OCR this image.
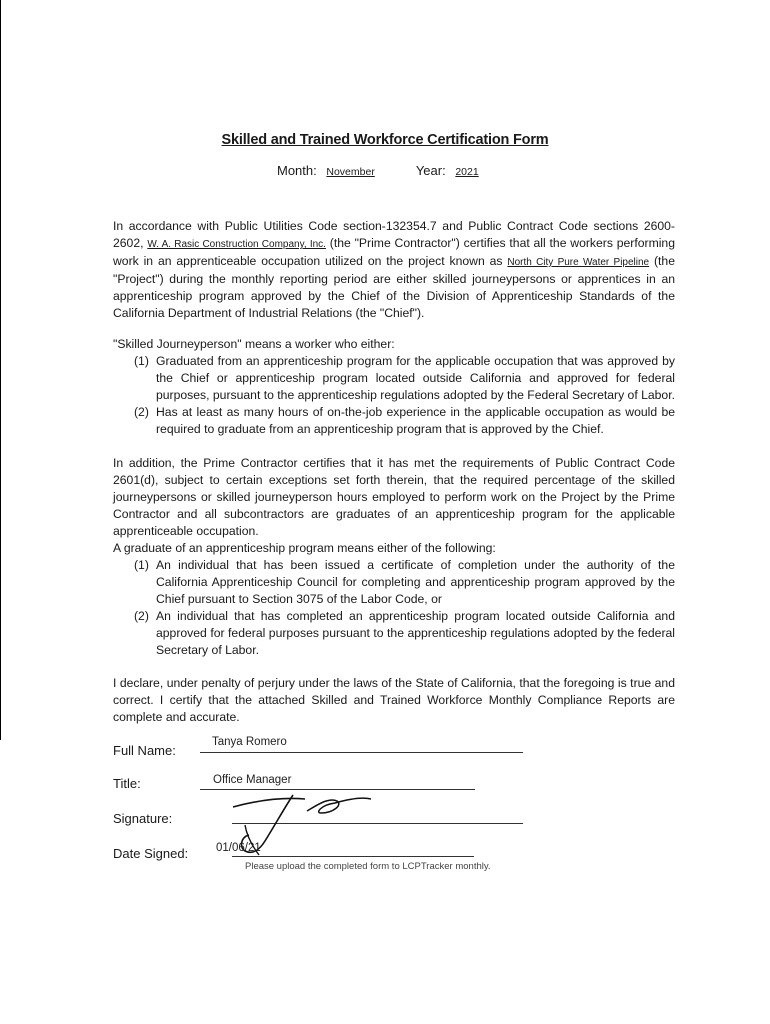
Skilled and Trained Workforce Certification Form
Month: November	Year: 2021

In accordance with Public Utilities Code section-132354.7 and Public Contract Code sections 2600-2602, W. A. Rasic Construction Company, Inc. (the "Prime Contractor") certifies that all the workers performing work in an apprenticeable occupation utilized on the project known as North City Pure Water Pipeline (the "Project") during the monthly reporting period are either skilled journeypersons or apprentices in an apprenticeship program approved by the Chief of the Division of Apprenticeship Standards of the California Department of Industrial Relations (the "Chief").

"Skilled Journeyperson" means a worker who either:

(1) Graduated from an apprenticeship program for the applicable occupation that was approved by the Chief or apprenticeship program located outside California and approved for federal purposes, pursuant to the apprenticeship regulations adopted by the Federal Secretary of Labor.
(2) Has at least as many hours of on-the-job experience in the applicable occupation as would be required to graduate from an apprenticeship program that is approved by the Chief.

In addition, the Prime Contractor certifies that it has met the requirements of Public Contract Code 2601(d), subject to certain exceptions set forth therein, that the required percentage of the skilled journeypersons or skilled journeyperson hours employed to perform work on the Project by the Prime Contractor and all subcontractors are graduates of an apprenticeship program for the applicable apprenticeable occupation.

A graduate of an apprenticeship program means either of the following:

(1) An individual that has been issued a certificate of completion under the authority of the California Apprenticeship Council for completing and apprenticeship program approved by the Chief pursuant to Section 3075 of the Labor Code, or
(2) An individual that has completed an apprenticeship program located outside California and approved for federal purposes pursuant to the apprenticeship regulations adopted by the federal Secretary of Labor.

I declare, under penalty of perjury under the laws of the State of California, that the foregoing is true and correct. I certify that the attached Skilled and Trained Workforce Monthly Compliance Reports are complete and accurate.

Full Name:
Tanya Romero
Title:	Office Manager
Signature:
Date Signed: 01/06/21
Please upload the completed form to LCPTracker monthly.
